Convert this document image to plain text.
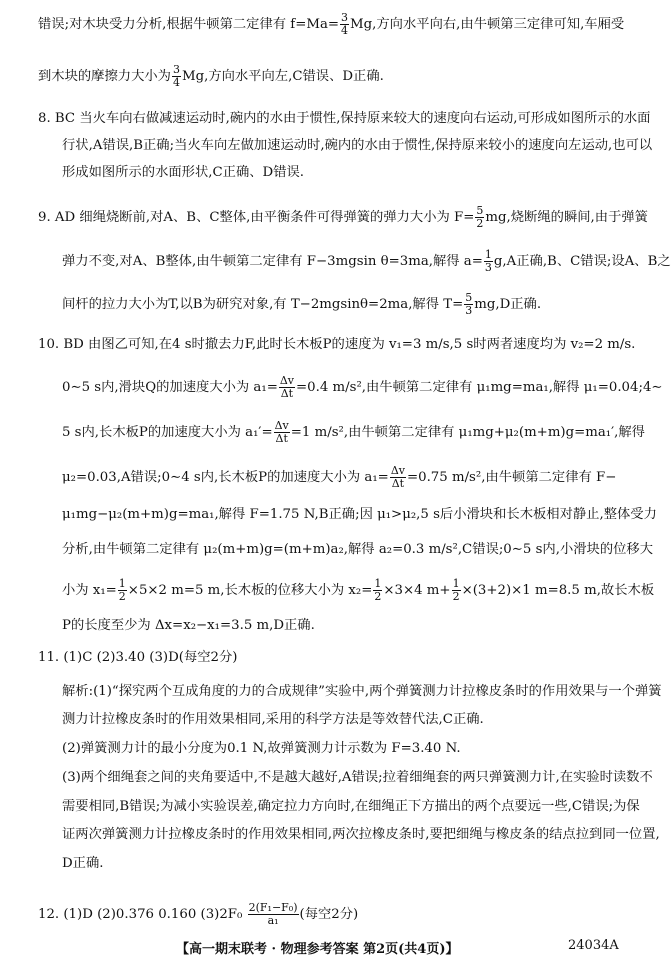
错误;对木块受力分析,根据牛顿第二定律有 $f=Ma= \frac{3}{4} Mg$,方向水平向右,由牛顿第三定律可知,车厢受
到木块的摩擦力大小为 $\frac{3}{4} Mg$,方向水平向左,C错误、D正确.
8. BC 当火车向右做减速运动时,碗内的水由于惯性,保持原来较大的速度向右运动,可形成如图所示的水面
行状,A错误,B正确;当火车向左做加速运动时,碗内的水由于惯性,保持原来较小的速度向左运动,也可以
形成如图所示的水面形状,C正确、D错误.
9. AD 细绳烧断前,对A、B、C整体,由平衡条件可得弹簧的弹力大小为 $F= \frac{5}{2}$ mg,烧断绳的瞬间,由于弹簧
弹力不变,对A、B整体,由牛顿第二定律有 F−3mgsin θ=3ma,解得 $a= \frac{1}{3} g,A$正确,B、C错误;设A、B之
间杆的拉力大小为T,以B为研究对象,有 T−2mgsinθ=2ma,解得 $T= \frac{5}{3} mg,D$正确.
10. BD 由图乙可知,在4 s时撤去力F,此时长木板P的速度为 v₁=3 m/s,5 s时两者速度均为 v₂=2 m/s.
0∼5 s内,滑块Q的加速度大小为 $a_1= \frac{\Delta v}{\Delta t} =0.4$ m/s²,由牛顿第二定律有 μ₁mg=ma₁,解得 μ₁=0.04;4∼
5 s内,长木板P的加速度大小为 $a_1'= \frac{\Delta v}{\Delta t} =1$ m/s²,由牛顿第二定律有 μ₁mg+μ₂(m+m)g=ma₁′,解得
μ₂=0.03,A错误;0∼4 s内,长木板P的加速度大小为 $a_1= \frac{\Delta v}{\Delta t} =0.75$ m/s²,由牛顿第二定律有 F−
μ₁mg−μ₂(m+m)g=ma₁,解得 F=1.75 N,B正确;因 μ₁>μ₂,5 s后小滑块和长木板相对静止,整体受力
分析,由牛顿第二定律有 μ₂(m+m)g=(m+m)a₂,解得 a₂=0.3 m/s²,C错误;0∼5 s内,小滑块的位移大
小为 $x_1= \frac{1}{2} \times 5\times 2$ m=5 m,长木板的位移大小为 $x_2= \frac{1}{2} \times 3\times 4$ $m+ \frac{1}{2} \times(3+2)\times 1$ m=8.5 m,故长木板
P的长度至少为 Δx=x₂−x₁=3.5 m,D正确.
11. (1)C (2)3.40 (3)D(每空2分)
解析:(1)“探究两个互成角度的力的合成规律”实验中,两个弹簧测力计拉橡皮条时的作用效果与一个弹簧
测力计拉橡皮条时的作用效果相同,采用的科学方法是等效替代法,C正确.
(2)弹簧测力计的最小分度为0.1 N,故弹簧测力计示数为 F=3.40 N.
(3)两个细绳套之间的夹角要适中,不是越大越好,A错误;拉着细绳套的两只弹簧测力计,在实验时读数不
需要相同,B错误;为减小实验误差,确定拉力方向时,在细绳正下方描出的两个点要远一些,C错误;为保
证两次弹簧测力计拉橡皮条时的作用效果相同,两次拉橡皮条时,要把细绳与橡皮条的结点拉到同一位置,
D正确.
12. (1)D (2)0.376 0.160 $(3)2F_0 \frac{\text{2(F₁−F₀)}}{\text{a₁}}$ (每空2分)
【高一期末联考 · 物理参考答案 第2页(共4页)】	24034A
